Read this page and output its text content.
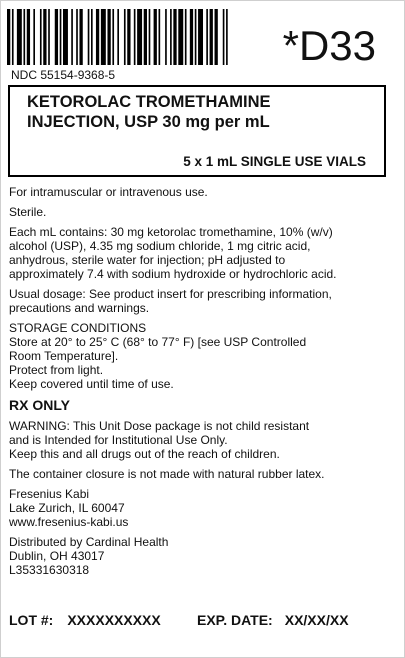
*D33
NDC 55154-9368-5
KETOROLAC TROMETHAMINE
INJECTION, USP 30 mg per mL
5 x 1 mL SINGLE USE VIALS

For intramuscular or intravenous use.

Sterile.

Each mL contains: 30 mg ketorolac tromethamine, 10% (w/v)

alcohol (USP), 4.35 mg sodium chloride, 1 mg citric acid,

anhydrous, sterile water for injection; pH adjusted to

approximately 7.4 with sodium hydroxide or hydrochloric acid.

Usual dosage: See product insert for prescribing information,

precautions and warnings.

STORAGE CONDITIONS

Store at 20° to 25° C (68° to 77° F) [see USP Controlled

Room Temperature].

Protect from light.

Keep covered until time of use.

RX ONLY

WARNING: This Unit Dose package is not child resistant

and is Intended for Institutional Use Only.

Keep this and all drugs out of the reach of children.

The container closure is not made with natural rubber latex.

Fresenius Kabi

Lake Zurich, IL 60047

www.fresenius-kabi.us

Distributed by Cardinal Health

Dublin, OH 43017

L35331630318

LOT #: XXXXXXXXXX	EXP. DATE: XX/XX/XX
